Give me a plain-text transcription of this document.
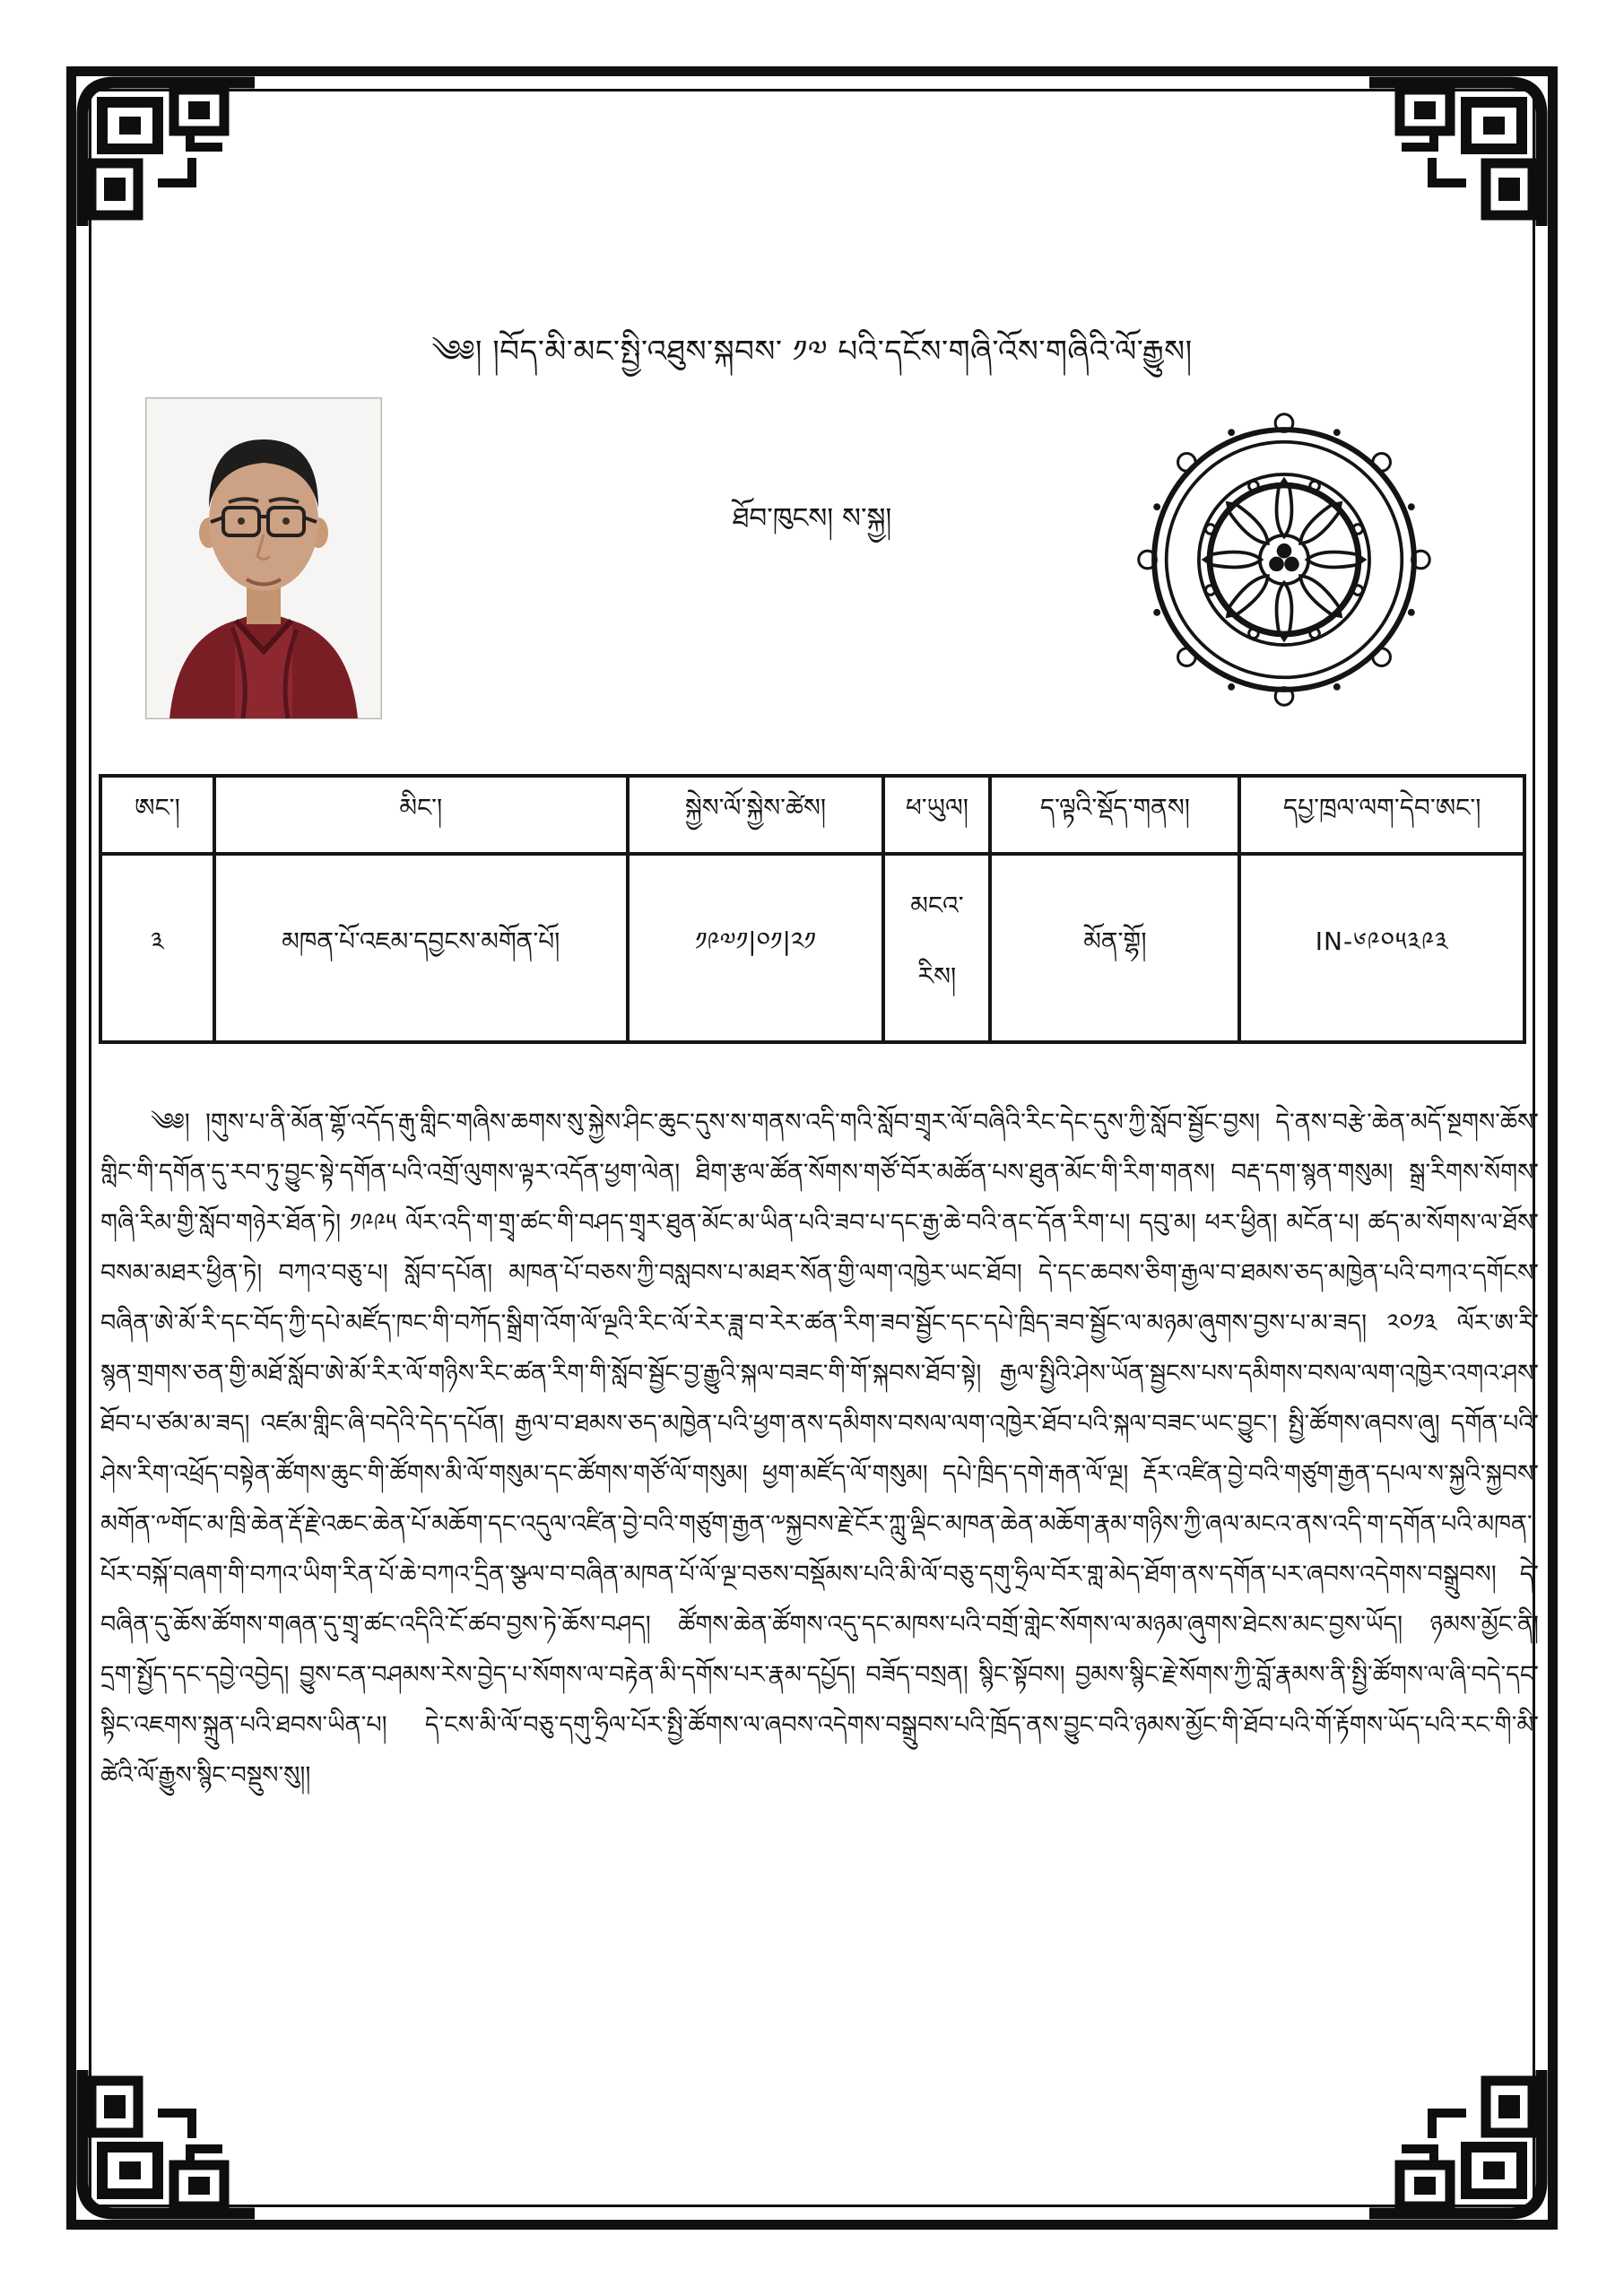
༄༅། །བོད་མི་མང་སྤྱི་འཐུས་སྐབས་ ༡༧ པའི་དངོས་གཞི་འོས་གཞིའི་ལོ་རྒྱུས།
ཐོབ་ཁུངས། ས་སྐྱ།
ཨང་།	མིང་།	སྐྱེས་ལོ་སྐྱེས་ཚེས།	ཕ་ཡུལ།	ད་ལྟའི་སྡོད་གནས།	དཔྱ་ཁྲལ་ལག་དེབ་ཨང་།
༣	མཁན་པོ་འཇམ་དབྱངས་མགོན་པོ།	༡༩༧༡|༠༡|༢༡	མངའ་རིས།	མོན་གྷོ།	IN-༦༩༠༥༣༩༣
༄༅། །གུས་པ་ནི་མོན་གྷོ་འདོད་རྒུ་གླིང་གཞིས་ཆགས་སུ་སྐྱེས་ཤིང་ཆུང་དུས་ས་གནས་འདི་གའི་སློབ་གྲྭར་ལོ་བཞིའི་རིང་དེང་དུས་ཀྱི་སློབ་སྦྱོང་བྱས། དེ་ནས་བརྩེ་ཆེན་མདོ་སྔགས་ཆོས་གླིང་གི་དགོན་དུ་རབ་ཏུ་བྱུང་སྟེ་དགོན་པའི་འགྲོ་ལུགས་ལྟར་འདོན་ཕྱག་ལེན། ཐིག་རྩལ་ཚོན་སོགས་གཙོ་བོར་མཚོན་པས་ཐུན་མོང་གི་རིག་གནས། བརྡ་དག་སྙན་གསུམ། སྒྲ་རིགས་སོགས་གཞི་རིམ་གྱི་སློབ་གཉེར་ཐོན་ཏེ། ༡༩༩༥ ལོར་འདི་ག་གྲྭ་ཚང་གི་བཤད་གྲྭར་ཐུན་མོང་མ་ཡིན་པའི་ཟབ་པ་དང་རྒྱ་ཆེ་བའི་ནང་དོན་རིག་པ། དབུ་མ། ཕར་ཕྱིན། མངོན་པ། ཚད་མ་སོགས་ལ་ཐོས་བསམ་མཐར་ཕྱིན་ཏེ། བཀའ་བཅུ་པ། སློབ་དཔོན། མཁན་པོ་བཅས་ཀྱི་བསླབས་པ་མཐར་སོན་གྱི་ལག་འཁྱེར་ཡང་ཐོབ། དེ་དང་ཆབས་ཅིག་རྒྱལ་བ་ཐམས་ཅད་མཁྱེན་པའི་བཀའ་དགོངས་བཞིན་ཨེ་མོ་རི་དང་བོད་ཀྱི་དཔེ་མཛོད་ཁང་གི་བཀོད་སྒྲིག་འོག་ལོ་ལྔའི་རིང་ལོ་རེར་ཟླ་བ་རེར་ཚན་རིག་ཟབ་སྦྱོང་དང་དཔེ་ཁྲིད་ཟབ་སྦྱོང་ལ་མཉམ་ཞུགས་བྱས་པ་མ་ཟད། ༢༠༡༣ ལོར་ཨ་རི་སྙན་གྲགས་ཅན་གྱི་མཐོ་སློབ་ཨེ་མོ་རིར་ལོ་གཉིས་རིང་ཚན་རིག་གི་སློབ་སྦྱོང་བྱ་རྒྱུའི་སྐལ་བཟང་གི་གོ་སྐབས་ཐོབ་སྟེ། རྒྱལ་སྤྱིའི་ཤེས་ཡོན་སྦྱངས་པས་དམིགས་བསལ་ལག་འཁྱེར་འགའ་ཤས་ཐོབ་པ་ཙམ་མ་ཟད། འཛམ་གླིང་ཞི་བདེའི་དེད་དཔོན། རྒྱལ་བ་ཐམས་ཅད་མཁྱེན་པའི་ཕྱག་ནས་དམིགས་བསལ་ལག་འཁྱེར་ཐོབ་པའི་སྐལ་བཟང་ཡང་བྱུང་། སྤྱི་ཚོགས་ཞབས་ཞུ། དགོན་པའི་ཤེས་རིག་འཕྲོད་བསྟེན་ཚོགས་ཆུང་གི་ཚོགས་མི་ལོ་གསུམ་དང་ཚོགས་གཙོ་ལོ་གསུམ། ཕྱག་མཛོད་ལོ་གསུམ། དཔེ་ཁྲིད་དགེ་རྒན་ལོ་ལྔ། རྡོར་འཛིན་བྱེ་བའི་གཙུག་རྒྱན་དཔལ་ས་སྐྱའི་སྐྱབས་མགོན་༸གོང་མ་ཁྲི་ཆེན་རྡོ་རྗེ་འཆང་ཆེན་པོ་མཆོག་དང་འདུལ་འཛིན་བྱེ་བའི་གཙུག་རྒྱན་༸སྐྱབས་རྗེ་ངོར་ཀླུ་ལྡིང་མཁན་ཆེན་མཆོག་རྣམ་གཉིས་ཀྱི་ཞལ་མངའ་ནས་འདི་ག་དགོན་པའི་མཁན་པོར་བསྐོ་བཞག་གི་བཀའ་ཡིག་རིན་པོ་ཆེ་བཀའ་དྲིན་སྩལ་བ་བཞིན་མཁན་པོ་ལོ་ལྔ་བཅས་བསྡོམས་པའི་མི་ལོ་བཅུ་དགུ་ཧྲིལ་བོར་གླ་མེད་ཐོག་ནས་དགོན་པར་ཞབས་འདེགས་བསྒྲུབས། དེ་བཞིན་དུ་ཆོས་ཚོགས་གཞན་དུ་གྲྭ་ཚང་འདིའི་ངོ་ཚབ་བྱས་ཏེ་ཆོས་བཤད། ཚོགས་ཆེན་ཚོགས་འདུ་དང་མཁས་པའི་བགྲོ་གླེང་སོགས་ལ་མཉམ་ཞུགས་ཐེངས་མང་བྱས་ཡོད། ཉམས་མྱོང་ནི། དྲག་སྤྱོད་དང་དབྱེ་འབྱེད། བྱུས་ངན་བཤམས་རེས་བྱེད་པ་སོགས་ལ་བརྟེན་མི་དགོས་པར་རྣམ་དཔྱོད། བཟོད་བསྲན། སྙིང་སྟོབས། བྱམས་སྙིང་རྗེ་སོགས་ཀྱི་བློ་རྣམས་ནི་སྤྱི་ཚོགས་ལ་ཞི་བདེ་དང་སྟིང་འཇགས་སྐྲུན་པའི་ཐབས་ཡིན་པ། དེ་ངས་མི་ལོ་བཅུ་དགུ་ཧྲིལ་པོར་སྤྱི་ཚོགས་ལ་ཞབས་འདེགས་བསྒྲུབས་པའི་ཁྲོད་ནས་བྱུང་བའི་ཉམས་མྱོང་གི་ཐོབ་པའི་གོ་རྟོགས་ཡོད་པའི་རང་གི་མི་ཚེའི་ལོ་རྒྱུས་སྙིང་བསྡུས་སུ།།
